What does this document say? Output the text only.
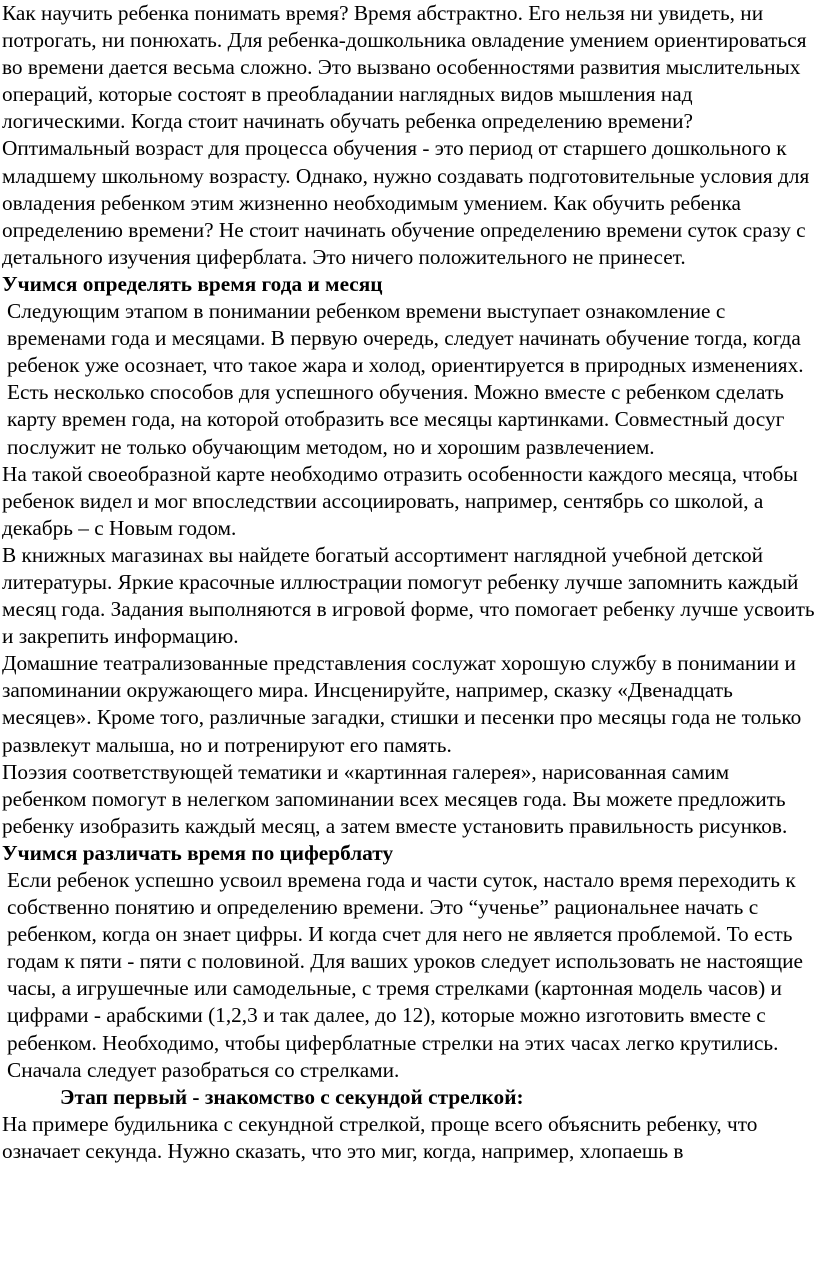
Как научить ребенка понимать время? Время абстрактно. Его нельзя ни увидеть, ни потрогать, ни понюхать. Для ребенка-дошкольника овладение умением ориентироваться во времени дается весьма сложно. Это вызвано особенностями развития мыслительных операций, которые состоят в преобладании наглядных видов мышления над логическими. Когда стоит начинать обучать ребенка определению времени? Оптимальный возраст для процесса обучения - это период от старшего дошкольного к младшему школьному возрасту. Однако, нужно создавать подготовительные условия для овладения ребенком этим жизненно необходимым умением. Как обучить ребенка определению времени? Не стоит начинать обучение определению времени суток сразу с детального изучения циферблата. Это ничего положительного не принесет.

Учимся определять время года и месяц

Следующим этапом в понимании ребенком времени выступает ознакомление с временами года и месяцами. В первую очередь, следует начинать обучение тогда, когда ребенок уже осознает, что такое жара и холод, ориентируется в природных изменениях. Есть несколько способов для успешного обучения. Можно вместе с ребенком сделать карту времен года, на которой отобразить все месяцы картинками. Совместный досуг послужит не только обучающим методом, но и хорошим развлечением.

На такой своеобразной карте необходимо отразить особенности каждого месяца, чтобы ребенок видел и мог впоследствии ассоциировать, например, сентябрь со школой, а декабрь – с Новым годом.

В книжных магазинах вы найдете богатый ассортимент наглядной учебной детской литературы. Яркие красочные иллюстрации помогут ребенку лучше запомнить каждый месяц года. Задания выполняются в игровой форме, что помогает ребенку лучше усвоить и закрепить информацию.

Домашние театрализованные представления сослужат хорошую службу в понимании и запоминании окружающего мира. Инсценируйте, например, сказку «Двенадцать месяцев». Кроме того, различные загадки, стишки и песенки про месяцы года не только развлекут малыша, но и потренируют его память.

Поэзия соответствующей тематики и «картинная галерея», нарисованная самим ребенком помогут в нелегком запоминании всех месяцев года. Вы можете предложить ребенку изобразить каждый месяц, а затем вместе установить правильность рисунков.

Учимся различать время по циферблату

Если ребенок успешно усвоил времена года и части суток, настало время переходить к собственно понятию и определению времени. Это “ученье” рациональнее начать с ребенком, когда он знает цифры. И когда счет для него не является проблемой. То есть годам к пяти - пяти с половиной. Для ваших уроков следует использовать не настоящие часы, а игрушечные или самодельные, с тремя стрелками (картонная модель часов) и цифрами - арабскими (1,2,3 и так далее, до 12), которые можно изготовить вместе с ребенком. Необходимо, чтобы циферблатные стрелки на этих часах легко крутились. Сначала следует разобраться со стрелками.

Этап первый - знакомство с секундой стрелкой:

На примере будильника с секундной стрелкой, проще всего объяснить ребенку, что означает секунда. Нужно сказать, что это миг, когда, например, хлопаешь в
